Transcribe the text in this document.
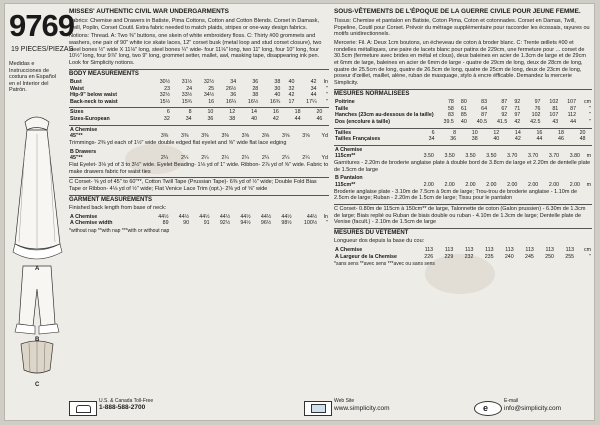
9769
19 PIECES/PIEZAS
Medidas e Instrucciones de costura en Español en el Interior del Patrón.
A
B
C
MISSES' AUTHENTIC CIVIL WAR UNDERGARMENTS
Fabrics: Chemise and Drawers in Batiste, Pima Cottons, Cotton and Cotton Blends. Corset in Damask, Twill, Poplin, Corset Coutil. Extra fabric needed to match plaids, stripes or one-way design fabrics.
Notions: Thread. A: Two ⅜" buttons, one skein of white embroidery floss. C: Thirty #00 grommets and washers, one pair of 90" white ice skate laces, 12" corset busk (metal loop and stud corset closure), two steel bones ½" wide X 11⅛" long, steel bones ¼" wide- four 11⅛" long, two 11" long, four 10" long, four 10½" long, four 9⅞" long, two 9" long, grommet setter, mallet, awl, masking tape, disappearing ink pen. Look for Simplicity notions.
BODY MEASUREMENTS
Bust	30½	31½	32½	34	36	38	40	42	In
Waist	23	24	25	26½	28	30	32	34	"
Hip-9" below waist	32½	33½	34½	36	38	40	42	44	"
Back-neck to waist	15½	15¾	16	16¼	16½	16¾	17	17¼	"
Sizes	6	8	10	12	14	16	18	20	
Sizes-European	32	34	36	38	40	42	44	46	
A Chemise
45"**	3⅜	3⅜	3⅜	3⅜	3⅝	3⅝	3⅝	3⅝	Yd
Trimmings- 2⅜ yd each of 1½" wide double edged flat eyelet and ⅝" wide flat lace edging
B Drawers
45"**	2¼	2¼	2¼	2¼	2¼	2¼	2¼	2¼	Yd
Flat Eyelet- 3⅛ yd of 3 to 3½" wide. Eyelet Beading- 1⅛ yd of 1" wide. Ribbon- 2⅞ yd of ⅝" wide. Fabric to make drawers fabric for waist ties
C Corset- ⅝ yd of 45" to 60"**, Cotton Twill Tape (Prussian Tape)- 6⅜ yd of ½" wide; Double Fold Bias Tape or Ribbon- 4⅛ yd of ½" wide; Flat Venice Lace Trim (opt.)- 2⅜ yd of ⅝" wide
GARMENT MEASUREMENTS
Finished back length from base of neck:
A Chemise	44½	44½	44½	44½	44½	44½	44½	44½	In
A Chemise width	89	90	91	92½	94½	96½	98½	100½	"
*without nap **with nap ***with or without nap
SOUS-VÊTEMENTS DE L'ÉPOQUE DE LA GUERRE CIVILE POUR JEUNE FEMME.
Tissus: Chemise et pantalon en Batiste, Coton Pima, Coton et cotonnades. Corset en Damas, Twill, Popeline, Coutil pour Corset. Prévoir du métrage supplémentaire pour raccorder les écossais, rayures ou motifs unidirectionnels.
Mercerie: Fil. A: Deux 1cm boutons, un écheveau de coton à broder blanc. C: Trente œillets #00 et rondelles métalliques, une paire de lacets blanc pour patins de 229cm, une fermeture pour ... corset de 30.5cm (fermeture avec brides en métal et clous), deux baleines en acier de 1.3cm de large et de 29cm et 6mm de large, baleines en acier de 6mm de large - quatre de 29cm de long, deux de 28cm de long, quatre de 25.5cm de long, quatre de 26.5cm de long, quatre de 25cm de long, deux de 23cm de long, poseur d'œillet, maillet, alène, ruban de masquage, stylo à encre éfficable. Demandez la mercerie Simplicity.
MESURES NORMALISEES
Poitrine	78	80	83	87	92	97	102	107	cm
Taille	58	61	64	67	71	76	81	87	"
Hanches (23cm au-dessous de la taille)	83	85	87	92	97	102	107	112	"
Dos (encolure à taille)	39.5	40	40.5	41.5	42	42.5	43	44	"
Tailles	6	8	10	12	14	16	18	20	
Tailles Françaises	34	36	38	40	42	44	46	48	
A Chemise
115cm**	3.50	3.50	3.50	3.50	3.70	3.70	3.70	3.80	m
Garnitures - 2.20m de broderie anglaise plate à double bord de 3.8cm de large et 2.20m de dentelle plate de 1.5cm de large
B Pantalon
115cm**	2.00	2.00	2.00	2.00	2.00	2.00	2.00	2.00	m
Broderie anglaise plate - 3.10m de 7.5cm à 9cm de large; Trou-trou de broderie anglaise - 1.10m de 2.5cm de large; Ruban - 2.20m de 1.5cm de large; Tissu pour le pantalon
C Corset- 0.80m de 115cm à 150cm** de large, Talonnette de coton (Galon prussien) - 6.30m de 1.3cm de large; Biais replié ou Ruban de biais double ou ruban - 4.10m de 1.3cm de large; Dentelle plate de Venise (facult.) - 2.10m de 1.5cm de large
MESURES DU VETEMENT
Longueur dos depuis la base du cou:
A Chemise	113	113	113	113	113	113	113	113	cm
A Largeur de la Chemise	226	229	232	235	240	245	250	255	"
*sans sens **avec sens ***avec ou sans sens
U.S. & Canada Toll-Free
1-888-588-2700
Web Site
www.simplicity.com	e
E-mail
info@simplicity.com
